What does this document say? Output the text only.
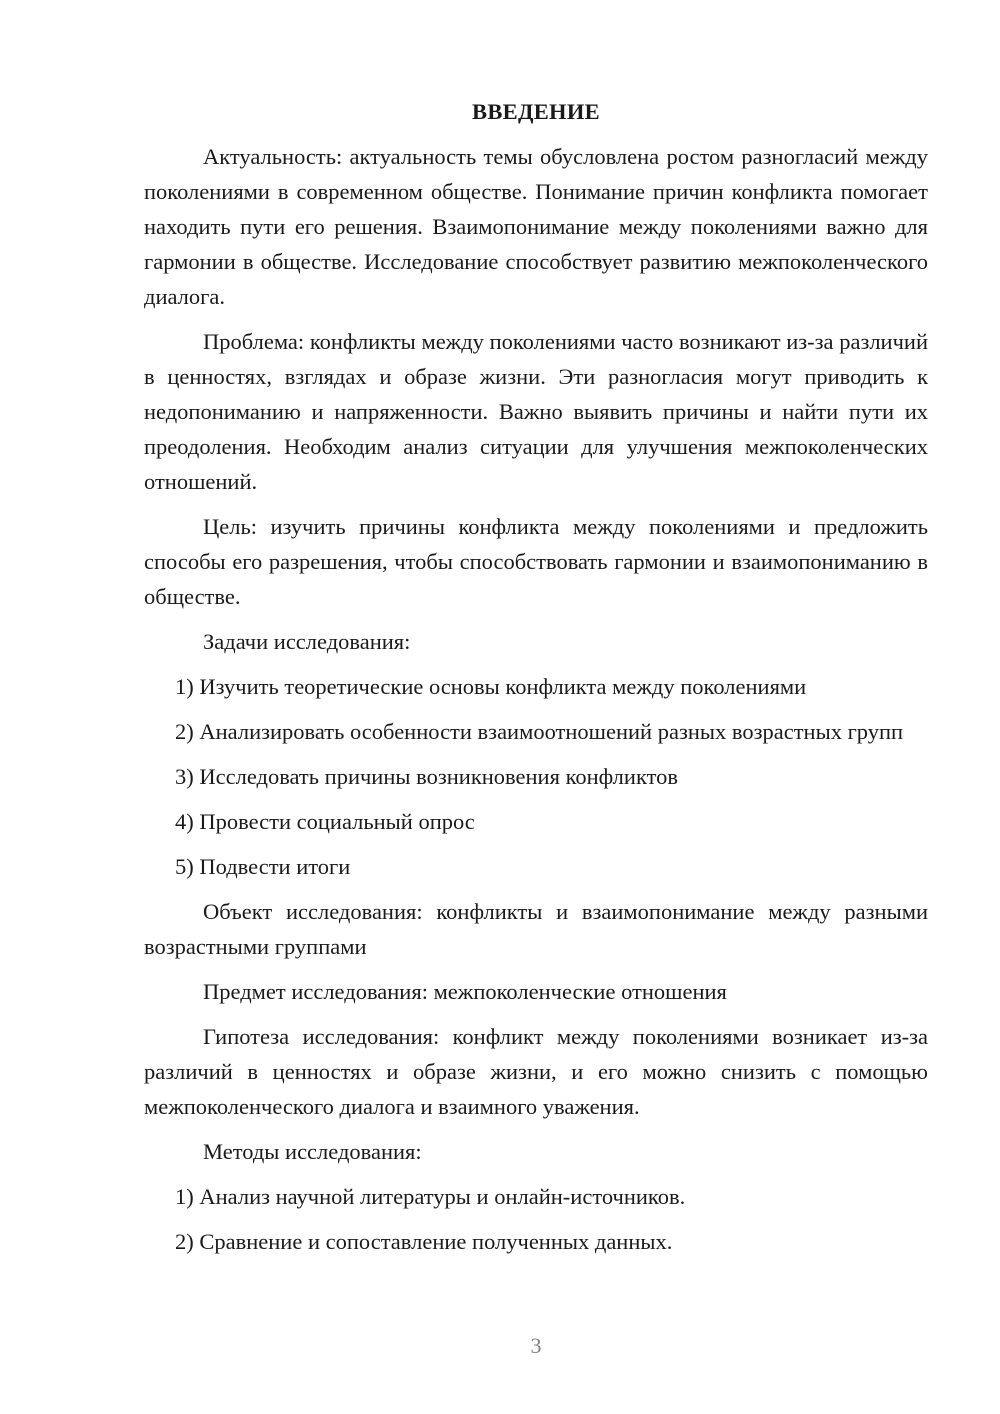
ВВЕДЕНИЕ

Актуальность: актуальность темы обусловлена ростом разногласий между поколениями в современном обществе. Понимание причин конфликта помогает находить пути его решения. Взаимопонимание между поколениями важно для гармонии в обществе. Исследование способствует развитию межпоколенческого диалога.

Проблема: конфликты между поколениями часто возникают из-за различий в ценностях, взглядах и образе жизни. Эти разногласия могут приводить к недопониманию и напряженности. Важно выявить причины и найти пути их преодоления. Необходим анализ ситуации для улучшения межпоколенческих отношений.

Цель: изучить причины конфликта между поколениями и предложить способы его разрешения, чтобы способствовать гармонии и взаимопониманию в обществе.

Задачи исследования:

1) Изучить теоретические основы конфликта между поколениями

2) Анализировать особенности взаимоотношений разных возрастных групп

3) Исследовать причины возникновения конфликтов

4) Провести социальный опрос

5) Подвести итоги

Объект исследования: конфликты и взаимопонимание между разными возрастными группами

Предмет исследования: межпоколенческие отношения

Гипотеза исследования: конфликт между поколениями возникает из-за различий в ценностях и образе жизни, и его можно снизить с помощью межпоколенческого диалога и взаимного уважения.

Методы исследования:

1) Анализ научной литературы и онлайн-источников.

2) Сравнение и сопоставление полученных данных.

3
